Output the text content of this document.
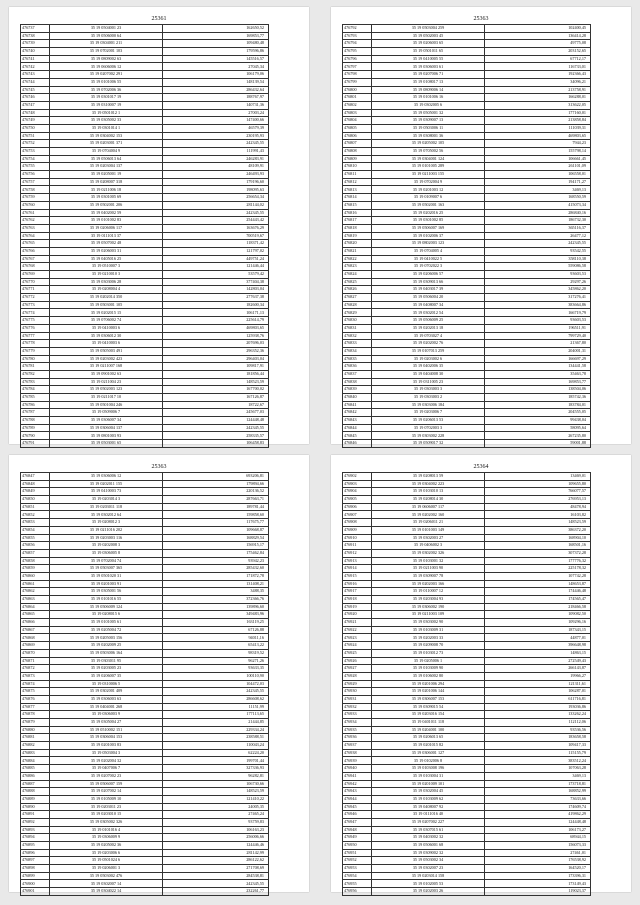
25361
476737	35 19 0504001 23	162650,52
476738	35 19 0506000 64	169853,77
476739	35 19 0304001 211	109480,48
476740	35 19 0702001 103	179596,86
476741	35 19 0809002 63	145516,57
476742	35 19 0606006 12	27045,34
476743	35 19 0207002 291	106179,06
476744	35 19 0101006 55	148139,54
476745	35 19 0702006 36	286432,64
476746	35 19 0301017 19	188767,97
476747	35 19 0310007 19	140731,36
476748	35 19 0501012 1	27003,24
476749	35 19 0305002 33	147400,66
476750	35 19 0301014 1	46579,39
476751	35 19 0304002 153	230195,93
476752	35 19 0203001 371	242345,55
476753	35 19 0704004 9	111991,43
476754	35 19 0506013 64	246283,91
476755	35 19 0203004 137	48109,91
476756	35 19 0205001 19	246493,93
476757	35 19 0208007 318	179196,60
476758	35 19 0211006 18	198095,63
476759	35 19 0301005 69	256654,34
476760	35 19 0502001 206	281144,02
476761	35 19 0402002 59	242345,55
476762	35 19 0101002 83	254443,42
476763	35 19 0206006 117	163676,29
476764	35 19 0111013 37	700519,67
476765	35 19 0507002 48	118371,42
476766	35 19 0206003 31	121797,02
476767	35 19 0405016 25	449751,24
476768	35 19 0510007 3	121446,44
476769	35 19 0210010 3	53579,42
476770	35 19 0303006 28	377404,38
476771	35 19 0208004 4	142803,04
476772	35 19 0202014 350	277637,38
476773	35 19 0503001 105	182600,34
476774	35 19 0202015 15	106171,13
476775	35 19 0706002 74	225614,79
476776	35 19 0410003 6	469803,65
476777	35 19 0306012 30	125938,76
476778	35 19 0410003 6	207696,03
476779	35 19 0505003 491	296352,36
476780	35 19 0203002 423	296403,04
476781	35 19 0211007 168	109817,91
476782	35 19 0901002 63	181856,44
476783	35 19 0211004 23	148523,59
476784	35 19 0502003 123	167700,02
476785	35 19 0211017 10	167126,87
476786	35 19 0501004 246	18722,67
476787	35 19 0509006 7	245677,03
476788	35 19 0306007 34	124448,48
476789	35 19 0306004 137	242345,55
476790	35 19 0801003 93	258335,57
476791	35 19 0503001 65	106458,83
25363
476792	35 19 0503004 259	102400,45
476793	35 19 0502003 45	136414,28
476794	35 19 0206003 65	49775,08
476795	35 19 0501011 65	203152,65
476796	35 19 0410005 55	67712,17
476797	35 19 0306003 61	116733,01
476798	35 19 0207006 71	192366,43
476799	35 19 0108017 13	34096,21
476800	35 19 0809006 14	213758,91
476801	35 19 0101006 16	166288,01
476802	35 19 0302005 6	313622,05
476803	35 19 0505001 32	177160,01
476804	35 19 0309007 13	213858,84
476805	35 19 0503006 11	111039,31
476806	35 19 0308001 36	469803,65
476807	35 19 0205002 105	7944,23
476808	35 19 0705002 56	155798,14
476809	35 19 0304001 124	106661,45
476810	35 19 0101005 289	261101,09
476811	35 19 0211003 155	106558,01
476812	35 19 0702004 9	194171,27
476813	35 19 0201003 12	3469,13
476814	35 19 0109007 6	168550,59
476815	35 19 0502001 163	415073,34
476816	35 19 0202016 25	286840,16
476817	35 19 0301002 85	186732,30
476818	35 19 0506007 169	365116,37
476819	35 19 0102006 37	26477,12
476820	35 19 0802003 123	242345,55
476821	35 19 0704005 4	93542,55
476822	35 19 0410022 5	358110,38
476823	35 19 0702022 3	559086,58
476824	35 19 0206006 57	93603,53
476825	35 19 0309013 66	29297,26
476826	35 19 0403017 39	345862,20
476827	35 19 0506004 20	317276,41
476828	35 19 0408007 34	383664,86
476829	35 19 0302012 54	166719,79
476830	35 19 0506009 25	93603,53
476831	35 19 0202013 18	196511,91
476832	35 19 0703027 4	799729,40
476833	35 19 0202002 76	21367,80
476834	35 19 0107013 259	204001,31
476835	35 19 0203002 6	166697,29
476836	35 19 0402006 35	134441,58
476837	35 19 0404008 30	35463,78
476838	35 19 0311005 23	169853,77
476839	35 19 0303003 3	138504,06
476840	35 19 0303003 2	185742,36
476841	35 19 0303006 184	183784,01
476842	35 19 0203006 7	204555,05
476843	35 19 0206013 53	99438,04
476844	35 19 0702003 3	58095,64
476845	35 19 0303002 228	267235,80
476846	35 19 0509017 32	59001,88
25363
476847	35 19 0306006 12	693206,81
476848	35 19 0202011 155	179894,66
476849	35 19 0410003 73	220136,52
476850	35 19 0203014 3	287663,71
476851	35 19 0203011 118	189781,44
476852	35 19 0302012 64	159858,60
476853	35 19 0208012 3	117675,77
476854	35 19 0211016 202	109668,87
476855	35 19 0203003 116	168829,54
476856	35 19 0202008 3	156915,17
476857	35 19 0306005 8	175462,84
476858	35 19 0702004 74	93942,23
476859	35 19 0503007 365	285432,60
476860	35 19 0501020 31	171872,78
476861	35 19 0201003 91	131408,21
476862	35 19 0305001 56	3488,35
476863	35 19 0101016 55	372366,76
476864	35 19 0506009 124	139896,60
476865	35 19 0208015 6	349483,96
476866	35 19 0101005 61	163119,25
476867	35 19 0205004 72	67126,88
476868	35 19 0205003 156	94011,16
476869	35 19 0202009 25	65413,22
476870	35 19 0503006 164	98319,52
476871	35 19 0303011 95	96271,26
476872	35 19 0203005 23	93633,35
476873	35 19 0206007 35	100110,90
476874	35 19 0310006 5	104472,03
476875	35 19 0302001 409	242345,55
476876	35 19 0306003 63	286608,62
476877	35 19 0404001 268	11151,99
476878	35 19 0306003 9	177113,65
476879	35 19 0305004 27	21444,85
476880	35 19 0510002 151	229334,24
476881	35 19 0306004 153	238588,51
476882	35 19 0201003 83	110043,24
476883	35 19 0503004 3	62224,20
476884	35 19 0202004 32	199701,44
476885	35 19 0407006 7	327336,93
476886	35 19 0207002 23	96282,81
476887	35 19 0506007 159	106730,66
476888	35 19 0207002 14	148523,59
476889	35 19 0105009 10	121410,22
476890	35 19 0203011 23	24005,35
476891	35 19 0203010 15	27465,24
476892	35 19 0305002 326	93759,83
476893	35 19 0101016 4	106163,23
476894	35 19 0306009 9	256006,66
476895	35 19 0205002 36	124446,46
476896	35 19 0203006 6	281142,99
476897	35 19 0501024 6	286122,62
476898	35 19 0206001 3	271708,69
476899	35 19 0503002 476	284538,81
476900	35 19 0302007 14	242345,55
476901	35 19 0304022 14	232261,77
25364
476902	35 19 0208013 59	13469,01
476903	35 19 0304002 223	109655,80
476904	35 19 0103010 13	766077,57
476905	35 19 0208014 30	276953,13
476906	35 19 0606007 117	48478,94
476907	35 19 0202002 160	16103,82
476908	35 19 0206011 21	148523,59
476909	35 19 0101003 149	386372,20
476910	35 19 0302003 27	168904,10
476911	35 19 0406002 3	168501,16
476912	35 19 0302002 326	307372,28
476913	35 19 0103001 32	177776,32
476914	35 19 0211003 90	225178,32
476915	35 19 0309007 78	107742,28
476916	35 19 0202003 166	148653,87
476917	35 19 0110007 12	174446,48
476918	35 19 0203004 93	174565,47
476919	35 19 0306002 190	218466,58
476920	35 19 0211003 109	109082,50
476921	35 19 0303002 90	109296,16
476922	35 19 0103009 31	187343,15
476923	35 19 0202003 33	44877,01
476924	35 19 0209008 70	396648,98
476925	35 19 0103012 73	14863,15
476926	35 19 0205006 1	272549,43
476927	35 19 0103009 90	266143,87
476928	35 19 0106002 80	19966,27
476929	35 19 0201006 294	121311,61
476930	35 19 0201006 144	106287,01
476931	35 19 0306007 153	611716,81
476932	35 19 0309015 54	193036,86
476933	35 19 0203016 154	133262,24
476934	35 19 0401011 118	112112,06
476935	35 19 0204001 100	93536,56
476936	35 19 0206013 65	183658,58
476937	35 19 0201015 82	109417,33
476938	35 19 0306001 127	115155,79
476939	35 19 0102006 8	383512,24
476940	35 19 0103008 196	107063,28
476941	35 19 0103004 31	3469,13
476942	35 19 0201009 101	173718,81
476943	35 19 0302004 45	168852,99
476944	35 19 0103009 62	73633,66
476945	35 19 0408007 92	174609,74
476946	35 19 0111016 40	419862,29
476947	35 19 0207002 227	124448,48
476948	35 19 0307015 61	106173,27
476949	35 19 0403002 32	68944,15
476950	35 19 0506001 68	156073,33
476951	35 19 0309002 32	27461,01
476952	35 19 0503002 34	176538,92
476953	35 19 0302007 23	164520,17
476954	35 19 0203014 158	173396,31
476955	35 19 0102005 53	173149,43
476956	35 19 0202003 26	119023,37
